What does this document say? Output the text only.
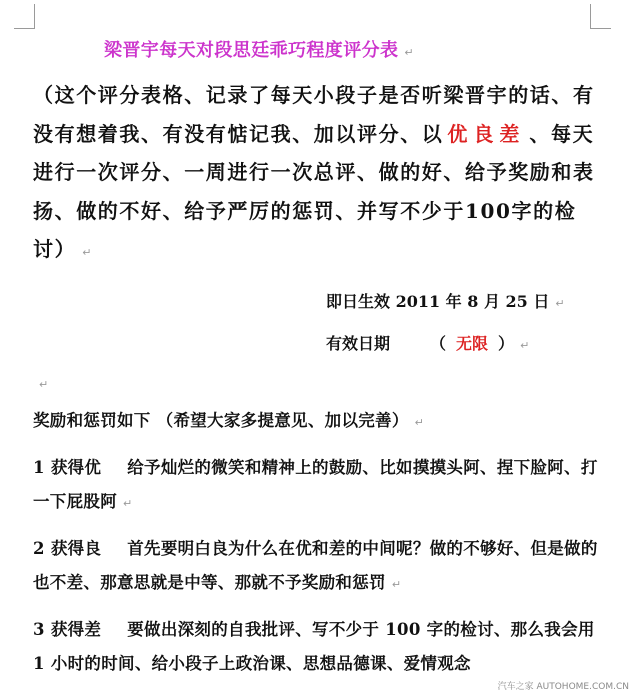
梁晋宇每天对段思廷乖巧程度评分表 ↵

（这个评分表格、记录了每天小段子是否听梁晋宇的话、有没有想着我、有没有惦记我、加以评分、以 优良差 、每天进行一次评分、一周进行一次总评、做的好、给予奖励和表扬、做的不好、给予严厉的惩罚、并写不少于100字的检讨） ↵

即日生效 2011 年 8 月 25 日 ↵

有效日期	（ 无限 ） ↵

↵

奖励和惩罚如下 （希望大家多提意见、加以完善） ↵

1 获得优 给予灿烂的微笑和精神上的鼓励、比如摸摸头阿、捏下脸阿、打一下屁股阿 ↵

2 获得良 首先要明白良为什么在优和差的中间呢？做的不够好、但是做的也不差、那意思就是中等、那就不予奖励和惩罚 ↵

3 获得差 要做出深刻的自我批评、写不少于 100 字的检讨、那么我会用 1 小时的时间、给小段子上政治课、思想品德课、爱情观念

汽车之家 AUTOHOME.COM.CN
